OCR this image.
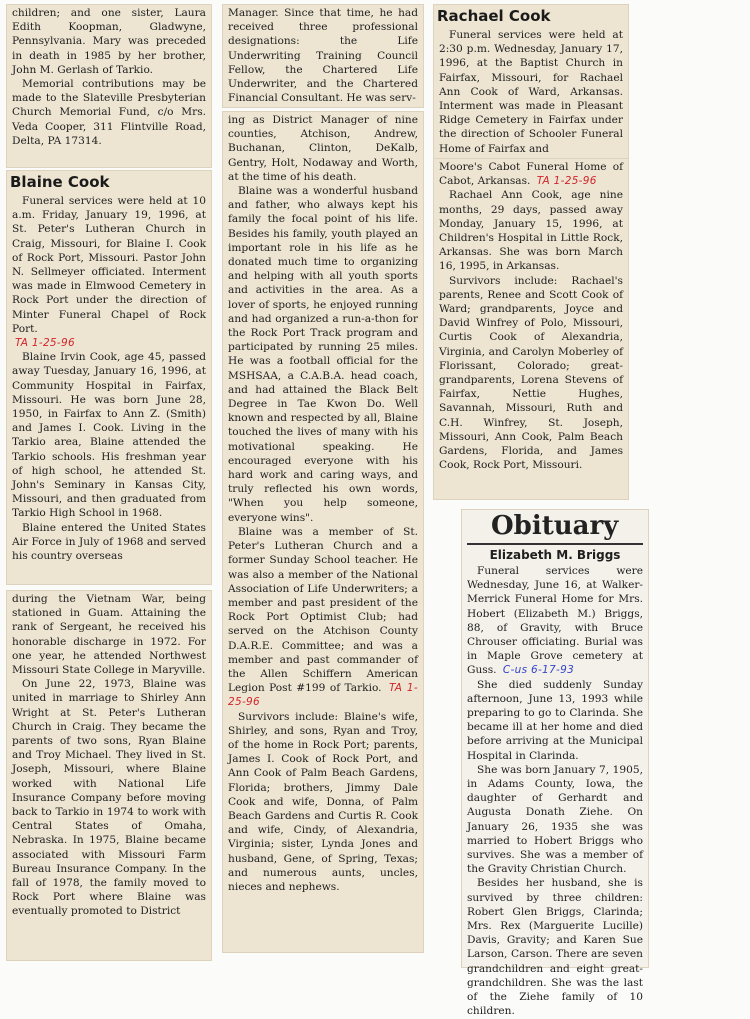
children; and one sister, Laura Edith Koopman, Gladwyne, Pennsylvania. Mary was preceded in death in 1985 by her brother, John M. Gerlash of Tarkio.

Memorial contributions may be made to the Slateville Presbyterian Church Memorial Fund, c/o Mrs. Veda Cooper, 311 Flintville Road, Delta, PA 17314.

Blaine Cook

Funeral services were held at 10 a.m. Friday, January 19, 1996, at St. Peter's Lutheran Church in Craig, Missouri, for Blaine I. Cook of Rock Port, Missouri. Pastor John N. Sellmeyer officiated. Interment was made in Elmwood Cemetery in Rock Port under the direction of Minter Funeral Chapel of Rock Port.

TA 1-25-96

Blaine Irvin Cook, age 45, passed away Tuesday, January 16, 1996, at Community Hospital in Fairfax, Missouri. He was born June 28, 1950, in Fairfax to Ann Z. (Smith) and James I. Cook. Living in the Tarkio area, Blaine attended the Tarkio schools. His freshman year of high school, he attended St. John's Seminary in Kansas City, Missouri, and then graduated from Tarkio High School in 1968.

Blaine entered the United States Air Force in July of 1968 and served his country overseas

during the Vietnam War, being stationed in Guam. Attaining the rank of Sergeant, he received his honorable discharge in 1972. For one year, he attended Northwest Missouri State College in Maryville.

On June 22, 1973, Blaine was united in marriage to Shirley Ann Wright at St. Peter's Lutheran Church in Craig. They became the parents of two sons, Ryan Blaine and Troy Michael. They lived in St. Joseph, Missouri, where Blaine worked with National Life Insurance Company before moving back to Tarkio in 1974 to work with Central States of Omaha, Nebraska. In 1975, Blaine became associated with Missouri Farm Bureau Insurance Company. In the fall of 1978, the family moved to Rock Port where Blaine was eventually promoted to District

Manager. Since that time, he had received three professional designations: the Life Underwriting Training Council Fellow, the Chartered Life Underwriter, and the Chartered Financial Consultant. He was serv-

ing as District Manager of nine counties, Atchison, Andrew, Buchanan, Clinton, DeKalb, Gentry, Holt, Nodaway and Worth, at the time of his death.

Blaine was a wonderful husband and father, who always kept his family the focal point of his life. Besides his family, youth played an important role in his life as he donated much time to organizing and helping with all youth sports and activities in the area. As a lover of sports, he enjoyed running and had organized a run-a-thon for the Rock Port Track program and participated by running 25 miles. He was a football official for the MSHSAA, a C.A.B.A. head coach, and had attained the Black Belt Degree in Tae Kwon Do. Well known and respected by all, Blaine touched the lives of many with his motivational speaking. He encouraged everyone with his hard work and caring ways, and truly reflected his own words, "When you help someone, everyone wins".

Blaine was a member of St. Peter's Lutheran Church and a former Sunday School teacher. He was also a member of the National Association of Life Underwriters; a member and past president of the Rock Port Optimist Club; had served on the Atchison County D.A.R.E. Committee; and was a member and past commander of the Allen Schiffern American Legion Post #199 of Tarkio. TA 1-25-96

Survivors include: Blaine's wife, Shirley, and sons, Ryan and Troy, of the home in Rock Port; parents, James I. Cook of Rock Port, and Ann Cook of Palm Beach Gardens, Florida; brothers, Jimmy Dale Cook and wife, Donna, of Palm Beach Gardens and Curtis R. Cook and wife, Cindy, of Alexandria, Virginia; sister, Lynda Jones and husband, Gene, of Spring, Texas; and numerous aunts, uncles, nieces and nephews.

Rachael Cook

Funeral services were held at 2:30 p.m. Wednesday, January 17, 1996, at the Baptist Church in Fairfax, Missouri, for Rachael Ann Cook of Ward, Arkansas. Interment was made in Pleasant Ridge Cemetery in Fairfax under the direction of Schooler Funeral Home of Fairfax and

Moore's Cabot Funeral Home of Cabot, Arkansas. TA 1-25-96

Rachael Ann Cook, age nine months, 29 days, passed away Monday, January 15, 1996, at Children's Hospital in Little Rock, Arkansas. She was born March 16, 1995, in Arkansas.

Survivors include: Rachael's parents, Renee and Scott Cook of Ward; grandparents, Joyce and David Winfrey of Polo, Missouri, Curtis Cook of Alexandria, Virginia, and Carolyn Moberley of Florissant, Colorado; great-grandparents, Lorena Stevens of Fairfax, Nettie Hughes, Savannah, Missouri, Ruth and C.H. Winfrey, St. Joseph, Missouri, Ann Cook, Palm Beach Gardens, Florida, and James Cook, Rock Port, Missouri.

Obituary
Elizabeth M. Briggs

Funeral services were Wednesday, June 16, at Walker-Merrick Funeral Home for Mrs. Hobert (Elizabeth M.) Briggs, 88, of Gravity, with Bruce Chrouser officiating. Burial was in Maple Grove cemetery at Guss. C-us 6-17-93

She died suddenly Sunday afternoon, June 13, 1993 while preparing to go to Clarinda. She became ill at her home and died before arriving at the Municipal Hospital in Clarinda.

She was born January 7, 1905, in Adams County, Iowa, the daughter of Gerhardt and Augusta Donath Ziehe. On January 26, 1935 she was married to Hobert Briggs who survives. She was a member of the Gravity Christian Church.

Besides her husband, she is survived by three children: Robert Glen Briggs, Clarinda; Mrs. Rex (Marguerite Lucille) Davis, Gravity; and Karen Sue Larson, Carson. There are seven grandchildren and eight great-grandchildren. She was the last of the Ziehe family of 10 children.
